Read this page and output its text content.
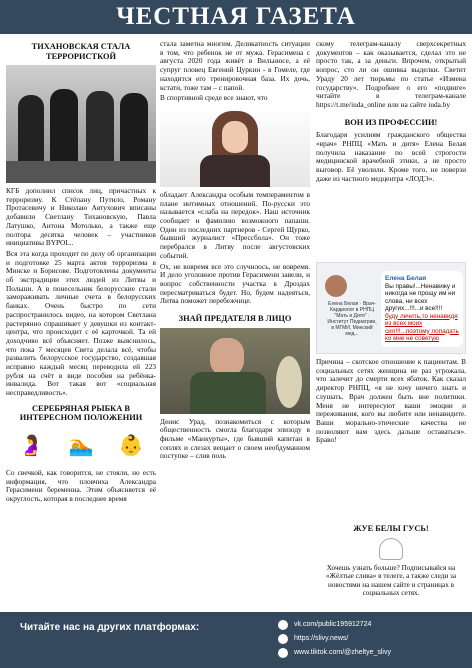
ЧЕСТНАЯ ГАЗЕТА
ТИХАНОВСКАЯ СТАЛА ТЕРРОРИСТКОЙ

КГБ дополнил список лиц, причастных к терроризму. К Стёпану Путило, Роману Протасевичу и Николаю Автухович вписаны добавили Светлану Тихановскую, Павла Латушко, Антона Мотолько, а также еще полтора десятка человек – участников инициативы BYPOL..

Вся эта когда проходит по делу об организации и подготовке 25 марта актов терроризма в Минске и Борисове. Подготовлены документы об экстрадиции этих людей из Литвы и Польши. А в понесельник белорусские стали замораживать личные счета в белорусских банках. Очень быстро по сети распространилось видео, на котором Светлана растерянно спрашивает у девушки из контакт-центра, что происходит с её карточкой. Та ей доходчиво всё объясняет. Позже выяснилось, что пока 7 месяцев Света делала всё, чтобы развалить белорусское государство, создавшая исправно каждый месяц переводила ей 223 рубля на счёт в виде пособия на ребёнка-инвалида. Вот такая вот «социальная несправедливость».

СЕРЕБРЯНАЯ РЫБКА В ИНТЕРЕСНОМ ПОЛОЖЕНИИ
🤰 🏊 👶

Со свечкой, как говорится, не стояли, но есть информация, что пловчиха Александра Герасимени беременна. Этим объясняется её округлость, которая в последнее время

стала заметна многим. Деликатность ситуации в том, что ребенок не от мужа. Герасимена с августа 2020 года живёт в Вильнюсе, а её супруг пловец Евгений Цуркин - в Гомеле, где находится его тренировочная база. Их дочь, кстати, тоже там – с папой.

В спортивной среде все знают, что

обладает Александра особым темпераментом в плане интимных отношений. По-русски это называется «слаба на передок». Наш источник сообщает и фамилию возможного папаши. Один из последних партнеров - Сергей Щурко, бывший журналист «Прессбола». Он тоже перебрался в Литву после августовских событий.

Ох, не вовремя все это случилось, не вовремя. И дело уголовное против Герасимени завели, и вопрос собственности участка в Дроздах пересматриваться будет. Но, будем надеяться, Литва поможет перебежчице.

ЗНАЙ ПРЕДАТЕЛЯ В ЛИЦО

Денис Урад, познакомиться с которым общественность смогла благодаря эпизоду в фильме «Манкурты», где бывший капитан в соплях и слезах вещает о своем необдуманном поступке – слив поль

скому телеграм-каналу сверхсекретных документов – как оказывается, сделал это не просто так, а за деньги. Впрочем, открытый вопрос, сто ли он ошивка выделки. Светит Ураду 20 лет тюрьмы по статье «Измена государству». Подробнее о его «подвиге» читайте в телеграм-канале https://t.me/iuda_online или на сайте iuda.by

ВОН ИЗ ПРОФЕССИИ!

Благодаря усилиям гражданского общества «врач» РНПЦ «Мать и дитя» Елена Белая получила наказание по всей строгости медицинской врачебной этики, а не просто выговор. Её уволили. Кроме того, не поверзи даже из частного медцентра «ЛОДЭ».

Елена Белая · Врач-Кардиолог в РНПЦ "Мать и Дитя" · Институт Педиатрии, в МГМИ, Минский мед...
Елена Белая
Вы правы!...Ненавижу и никогда не прощу им ни слова, ни всех других...!!!...и все!!!!
буду лечить,то ненавидя из всех моих сил!!!...поэтому лопадать ко мне не советую

Причина – скотское отношение к пациентам. В социальных сетях женщина не раз угрожала, что залечит до смерти всех ябаток. Как сказал директор РНПЦ, «я не хочу ничего знать и слушать. Врач должен быть вне политики. Меня не интересуют ваши эмоции и переживания, кого вы любите или ненавидите. Ваши морально-этические качества не позволяют вам здесь дальше оставаться». Браво!

ЖУЕ БЕЛЫ ГУСЬ!

Хочешь узнать больше? Подписывайся на «Жёлтые слива» в телеге, а также следи за новостями на нашем сайте и страницах в социальных сетях.

Читайте нас на других платформах:	vk.com/public195912724
https://slivy.news/
www.tiktok.com/@zheltye_slivy
